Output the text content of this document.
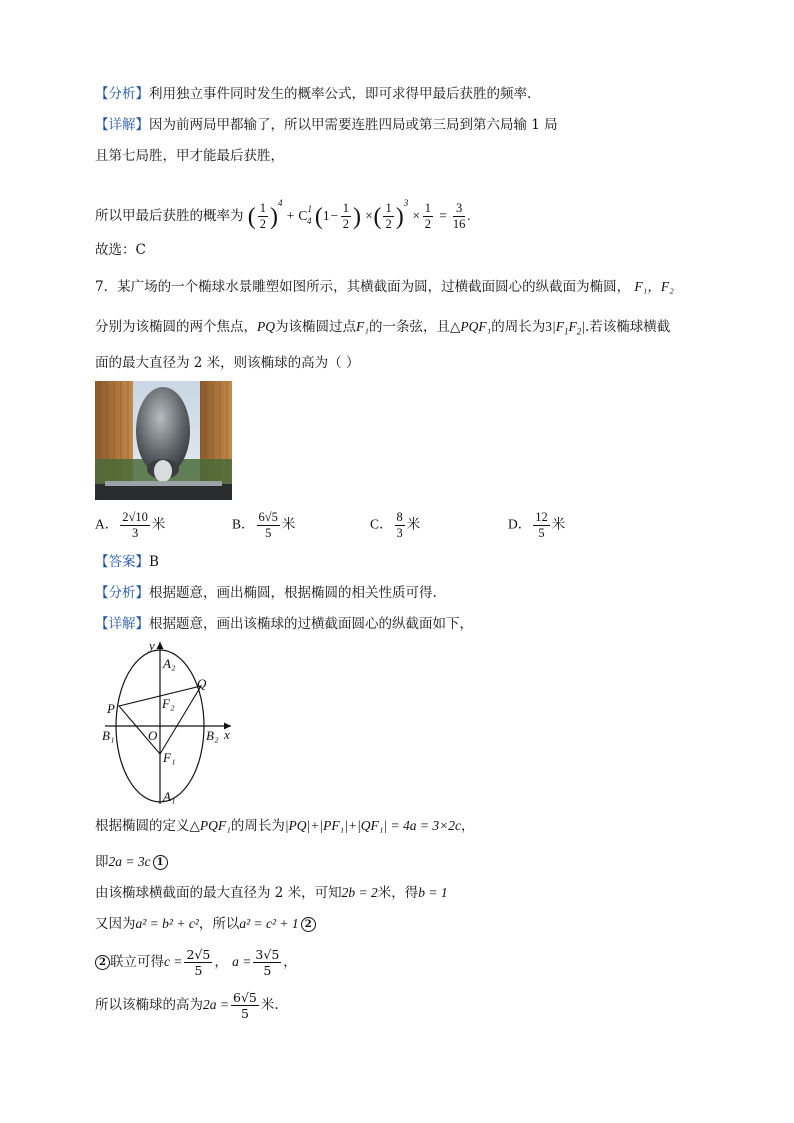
【分析】利用独立事件同时发生的概率公式，即可求得甲最后获胜的频率.
【详解】因为前两局甲都输了，所以甲需要连胜四局或第三局到第六局输 1 局
且第七局胜，甲才能最后获胜，
所以甲最后获胜的概率为 ( $\frac{1}{2} )^4 + C^1_4$ ($1- \frac{1}{2}$ ) ×( $\frac{1}{2} )^3 \times \frac{1}{2} = \frac{3}{16}$ .
故选：C
7．某广场的一个椭球水景雕塑如图所示，其横截面为圆，过横截面圆心的纵截面为椭圆， F₁，F₂
分别为该椭圆的两个焦点，PQ为该椭圆过点F₁的一条弦，且△PQF₁的周长为$3|F_1F_2|$.若该椭球横截
面的最大直径为 2 米，则该椭球的高为（ ）
A． $\frac{2√10}{3}$ 米	B． $\frac{6√5}{5}$ 米	C． $\frac{8}{3}$ 米	D． $\frac{12}{5}$ 米
【答案】B
【分析】根据题意，画出椭圆，根据椭圆的相关性质可得.
【详解】根据题意，画出该椭球的过横截面圆心的纵截面如下，
y
x
A₂
A₁
Q
P	F₂
F₁
O
B₁	B₂
根据椭圆的定义△PQF₁的周长为|PQ|+|PF₁|+|QF₁| = 4a = 3×2c，
即2a = 3c 1
由该椭球横截面的最大直径为 2 米，可知2b = 2米，得b = 1
又因为a² = b² + c²，所以a² = c² + 1 2
2 联立可得$c = \frac{2√5}{5}$ ， $a = \frac{3√5}{5}$ ，
所以该椭球的高为$2a = \frac{6√5}{5}$ 米.
